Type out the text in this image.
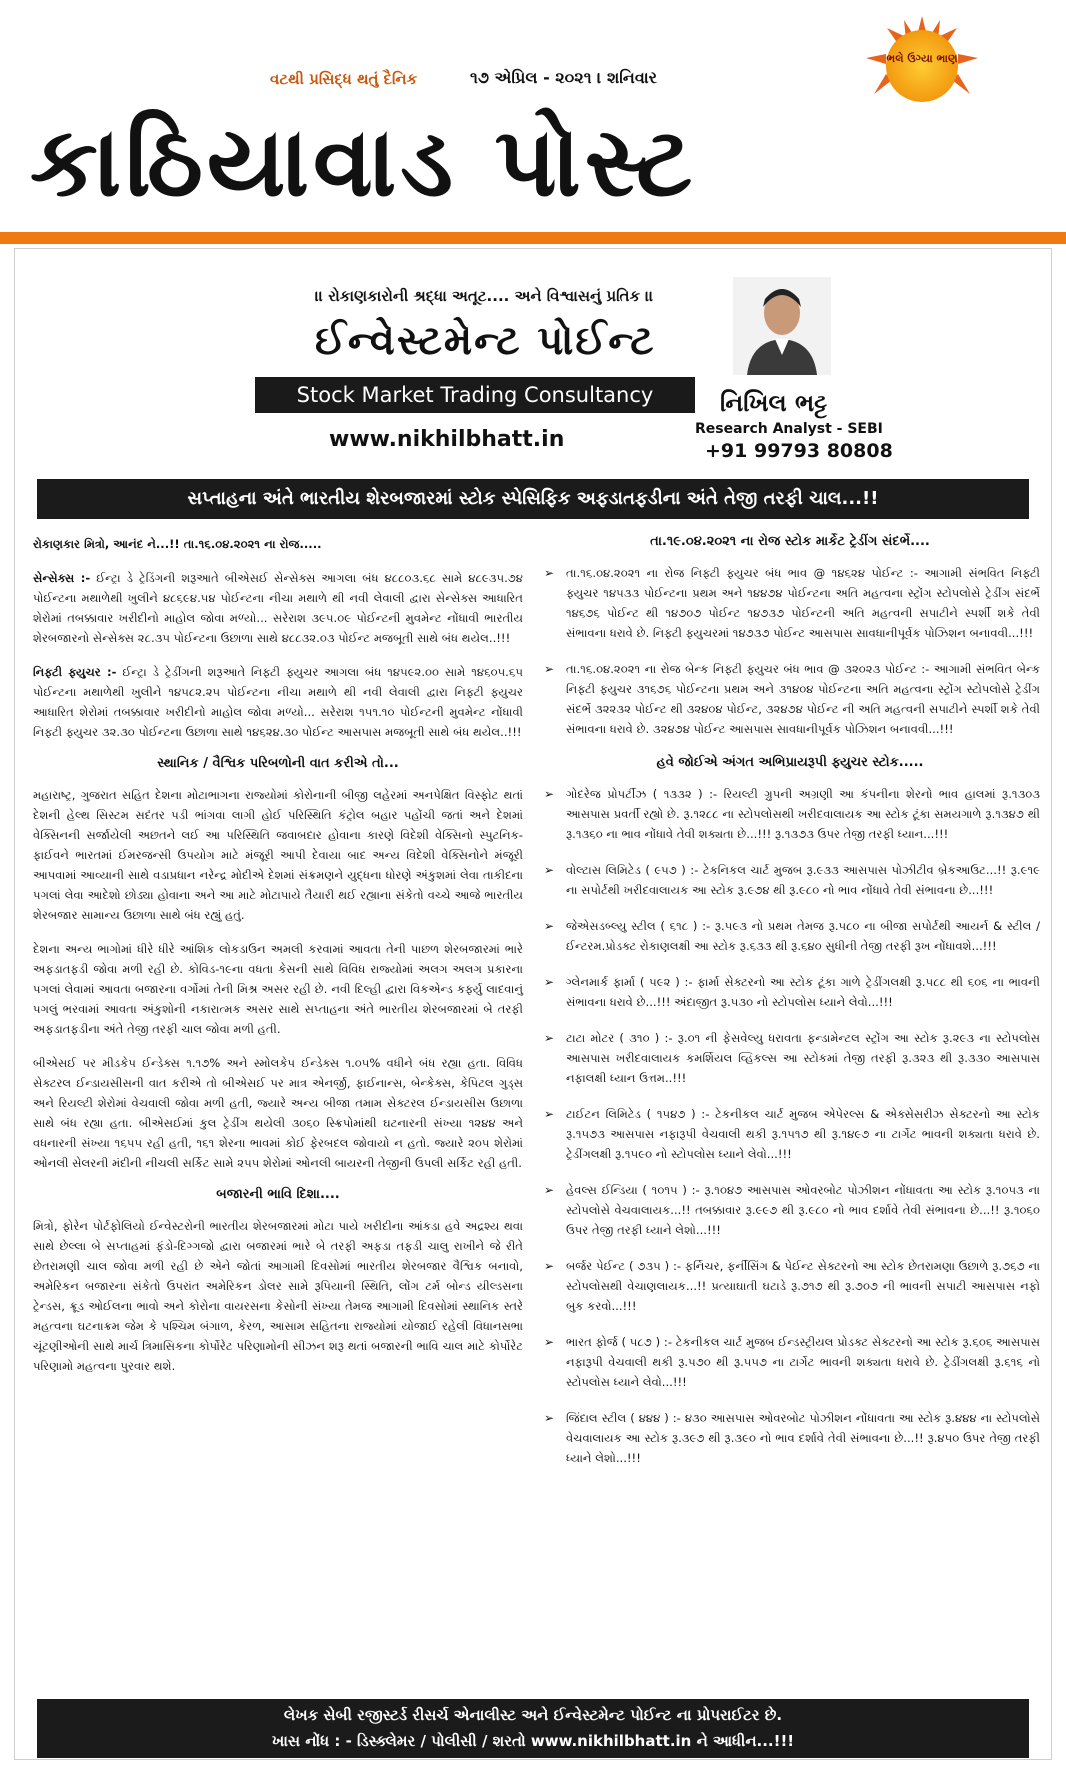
વટથી પ્રસિદ્ધ થતું દૈનિક	૧૭ એપ્રિલ - ૨૦૨૧ । શનિવાર
ભલે ઉગ્યા ભાણ
કાઠિયાવાડ પોસ્ટ
।। રોકાણકારોની શ્રદ્ધા અતૂટ.... અને વિશ્વાસનું પ્રતિક ।।
ઈન્વેસ્ટમેન્ટ પોઈન્ટ
Stock Market Trading Consultancy
www.nikhilbhatt.in
નિખિલ ભટ્ટ
Research Analyst - SEBI
+91 99793 80808
સપ્તાહના અંતે ભારતીય શેરબજારમાં સ્ટોક સ્પેસિફિક અફડાતફડીના અંતે તેજી તરફી ચાલ...!!

રોકાણકાર મિત્રો, આનંદ ને...!! તા.૧૬.૦૪.૨૦૨૧ ના રોજ.....

સેન્સેક્સ :- ઈન્ટ્રા ડે ટ્રેડિંગની શરૂઆતે બીએસઈ સેન્સેક્સ આગલા બંધ ૪૮૮૦૩.૬૮ સામે ૪૮૯૩૫.૭૪ પોઈન્ટના મથાળેથી ખુલીને ૪૮૬૯૪.૫૪ પોઈન્ટના નીચા મથાળે થી નવી લેવાલી દ્વારા સેન્સેક્સ આધારિત શેરોમાં તબક્કાવાર ખરીદીનો માહોલ જોવા મળ્યો... સરેરાશ ૩૯૫.૦૯ પોઈન્ટની મુવમેન્ટ નોંધાવી ભારતીય શેરબજારનો સેન્સેક્સ ૨૮.૩૫ પોઈન્ટના ઉછાળા સાથે ૪૮૮૩૨.૦૩ પોઈન્ટ મજબૂતી સાથે બંધ થયેલ..!!!

નિફ્ટી ફ્યુચર :- ઈન્ટ્રા ડે ટ્રેડીંગની શરૂઆતે નિફ્ટી ફ્યુચર આગલા બંધ ૧૪૫૯૨.૦૦ સામે ૧૪૬૦૫.૬૫ પોઈન્ટના મથાળેથી ખુલીને ૧૪૫૮૨.૨૫ પોઈન્ટના નીચા મથાળે થી નવી લેવાલી દ્વારા નિફ્ટી ફ્યુચર આધારિત શેરોમાં તબક્કાવાર ખરીદીનો માહોલ જોવા મળ્યો... સરેરાશ ૧૫૧.૧૦ પોઈન્ટની મુવમેન્ટ નોંધાવી નિફ્ટી ફ્યુચર ૩૨.૩૦ પોઈન્ટના ઉછાળા સાથે ૧૪૬૨૪.૩૦ પોઈન્ટ આસપાસ મજબૂતી સાથે બંધ થયેલ..!!!

સ્થાનિક / વૈશ્વિક પરિબળોની વાત કરીએ તો...

મહારાષ્ટ્ર, ગુજરાત સહિત દેશના મોટાભાગના રાજ્યોમાં કોરોનાની બીજી લહેરમાં અનપેક્ષિત વિસ્ફોટ થતાં દેશની હેલ્થ સિસ્ટમ સદંતર પડી ભાંગવા લાગી હોઈ પરિસ્થિતિ કંટ્રોલ બહાર પહોંચી જતાં અને દેશમાં વેક્સિનની સર્જાયેલી અછતને લઈ આ પરિસ્થિતિ જવાબદાર હોવાના કારણે વિદેશી વેક્સિનો સ્પુટનિક-ફાઈવને ભારતમાં ઈમરજન્સી ઉપયોગ માટે મંજૂરી આપી દેવાયા બાદ અન્ય વિદેશી વેક્સિનોને મંજૂરી આપવામાં આવ્યાની સાથે વડાપ્રધાન નરેન્દ્ર મોદીએ દેશમાં સંક્રમણને યુદ્ધના ધોરણે અંકુશમાં લેવા તાકીદના પગલાં લેવા આદેશો છોડ્યા હોવાના અને આ માટે મોટાપાયે તૈયારી થઈ રહ્યાના સંકેતો વચ્ચે આજે ભારતીય શેરબજાર સામાન્ય ઉછાળા સાથે બંધ રહ્યું હતું.

દેશના અન્ય ભાગોમાં ધીરે ધીરે આંશિક લોકડાઉન અમલી કરવામાં આવતા તેની પાછળ શેરબજારમાં ભારે અફડાતફડી જોવા મળી રહી છે. કોવિડ-૧૯ના વધતા કેસની સાથે વિવિધ રાજ્યોમાં અલગ અલગ પ્રકારના પગલાં લેવામાં આવતા બજારના વર્ગોમાં તેની મિશ્ર અસર રહી છે. નવી દિલ્હી દ્વારા વિકએન્ડ કર્ફ્યુ લાદવાનું પગલું ભરવામાં આવતા અંકુશોની નકારાત્મક અસર સાથે સપ્તાહના અંતે ભારતીય શેરબજારમાં બે તરફી અફડાતફડીના અંતે તેજી તરફી ચાલ જોવા મળી હતી.

બીએસઈ પર મીડકેપ ઈન્ડેક્સ ૧.૧૭% અને સ્મોલકેપ ઈન્ડેક્સ ૧.૦૫% વધીને બંધ રહ્યા હતા. વિવિધ સેક્ટરલ ઈન્ડાયસીસની વાત કરીએ તો બીએસઈ પર માત્ર એનર્જી, ફાઈનાન્સ, બેન્કેક્સ, કેપિટલ ગુડ્સ અને રિયલ્ટી શેરોમાં વેચવાલી જોવા મળી હતી, જ્યારે અન્ય બીજા તમામ સેક્ટરલ ઈન્ડાયસીસ ઉછાળા સાથે બંધ રહ્યા હતા. બીએસઈમાં કુલ ટ્રેડીંગ થયેલી ૩૦૬૦ સ્ક્રિપોમાંથી ઘટનારની સંખ્યા ૧૨૪૪ અને વધનારની સંખ્યા ૧૬૫૫ રહી હતી, ૧૬૧ શેરના ભાવમાં કોઈ ફેરબદલ જોવાયો ન હતો. જ્યારે ૨૦૫ શેરોમાં ઓનલી સેલરની મંદીની નીચલી સર્કિટ સામે ૨૫૫ શેરોમાં ઓનલી બાયરની તેજીની ઉપલી સર્કિટ રહી હતી.

બજારની ભાવિ દિશા....

મિત્રો, ફોરેન પોર્ટફોલિયો ઈન્વેસ્ટરોની ભારતીય શેરબજારમાં મોટા પાયે ખરીદીના આંકડા હવે અદ્રશ્ય થવા સાથે છેલ્લા બે સપ્તાહમાં ફંડો-દિગ્ગજો દ્વારા બજારમાં ભારે બે તરફી અફડા તફડી ચાલુ રાખીને જે રીતે છેતરામણી ચાલ જોવા મળી રહી છે એને જોતાં આગામી દિવસોમાં ભારતીય શેરબજાર વૈશ્વિક બનાવો, અમેરિકન બજારના સંકેતો ઉપરાંત અમેરિકન ડોલર સામે રૂપિયાની સ્થિતિ, લોંગ ટર્મ બોન્ડ યીલ્ડસના ટ્રેન્ડસ, ક્રૂડ ઓઈલના ભાવો અને કોરોના વાયરસના કેસોની સંખ્યા તેમજ આગામી દિવસોમાં સ્થાનિક સ્તરે મહત્વના ઘટનાક્રમ જેમ કે પશ્ચિમ બંગાળ, કેરળ, આસામ સહિતના રાજ્યોમાં યોજાઈ રહેલી વિધાનસભા ચૂંટણીઓની સાથે માર્ચ ત્રિમાસિકના કોર્પોરેટ પરિણામોની સીઝન શરૂ થતાં બજારની ભાવિ ચાલ માટે કોર્પોરેટ પરિણામો મહત્વના પુરવાર થશે.

તા.૧૯.૦૪.૨૦૨૧ ના રોજ સ્ટોક માર્કેટ ટ્રેડીંગ સંદર્ભે....
➢ તા.૧૬.૦૪.૨૦૨૧ ના રોજ નિફ્ટી ફ્યુચર બંધ ભાવ @ ૧૪૬૨૪ પોઈન્ટ :- આગામી સંભવિત નિફ્ટી ફ્યુચર ૧૪૫૩૩ પોઈન્ટના પ્રથમ અને ૧૪૪૭૪ પોઈન્ટના અતિ મહત્વના સ્ટ્રોંગ સ્ટોપલોસે ટ્રેડીંગ સંદર્ભે ૧૪૬૭૬ પોઈન્ટ થી ૧૪૭૦૭ પોઈન્ટ ૧૪૭૩૭ પોઈન્ટની અતિ મહત્વની સપાટીને સ્પર્શી શકે તેવી સંભાવના ધરાવે છે. નિફ્ટી ફ્યુચરમાં ૧૪૭૩૭ પોઈન્ટ આસપાસ સાવધાનીપૂર્વક પોઝિશન બનાવવી...!!!
➢ તા.૧૬.૦૪.૨૦૨૧ ના રોજ બેન્ક નિફ્ટી ફ્યુચર બંધ ભાવ @ ૩૨૦૨૩ પોઈન્ટ :- આગામી સંભવિત બેન્ક નિફ્ટી ફ્યુચર ૩૧૬૭૬ પોઈન્ટના પ્રથમ અને ૩૧૪૦૪ પોઈન્ટના અતિ મહત્વના સ્ટ્રોંગ સ્ટોપલોસે ટ્રેડીંગ સંદર્ભે ૩૨૨૩૨ પોઈન્ટ થી ૩૨૪૦૪ પોઈન્ટ, ૩૨૪૭૪ પોઈન્ટ ની અતિ મહત્વની સપાટીને સ્પર્શી શકે તેવી સંભાવના ધરાવે છે. ૩૨૪૭૪ પોઈન્ટ આસપાસ સાવધાનીપૂર્વક પોઝિશન બનાવવી...!!!
હવે જોઈએ અંગત અભિપ્રાયરૂપી ફ્યુચર સ્ટોક.....
➢ ગોદરેજ પ્રોપર્ટીઝ ( ૧૩૩૨ ) :- રિયલ્ટી ગ્રુપની અગ્રણી આ કંપનીના શેરનો ભાવ હાલમાં રૂ.૧૩૦૩ આસપાસ પ્રવર્તી રહ્યો છે. રૂ.૧૨૮૮ ના સ્ટોપલોસથી ખરીદવાલાયક આ સ્ટોક ટૂંકા સમયગાળે રૂ.૧૩૪૭ થી રૂ.૧૩૬૦ ના ભાવ નોંધાવે તેવી શક્યતા છે...!!! રૂ.૧૩૭૩ ઉપર તેજી તરફી ધ્યાન...!!!
➢ વોલ્ટાસ લિમિટેડ ( ૯૫૭ ) :- ટેકનિકલ ચાર્ટ મુજબ રૂ.૯૩૩ આસપાસ પોઝીટીવ બ્રેકઆઉટ...!! રૂ.૯૧૯ ના સપોર્ટથી ખરીદવાલાયક આ સ્ટોક રૂ.૯૭૪ થી રૂ.૯૮૦ નો ભાવ નોંધાવે તેવી સંભાવના છે...!!!
➢ જેએસડબ્લ્યુ સ્ટીલ ( ૬૧૮ ) :- રૂ.૫૯૩ નો પ્રથમ તેમજ રૂ.૫૮૦ ના બીજા સપોર્ટથી આયર્ન & સ્ટીલ / ઈન્ટરમ.પ્રોડક્ટ રોકાણલક્ષી આ સ્ટોક રૂ.૬૩૩ થી રૂ.૬૪૦ સુધીની તેજી તરફી રૂખ નોંધાવશે...!!!
➢ ગ્લેનમાર્ક ફાર્મા ( ૫૯૨ ) :- ફાર્મા સેક્ટરનો આ સ્ટોક ટૂંકા ગાળે ટ્રેડીંગલક્ષી રૂ.૫૮૮ થી ૬૦૬ ના ભાવની સંભાવના ધરાવે છે...!!! અંદાજીત રૂ.૫૩૦ નો સ્ટોપલોસ ધ્યાને લેવો...!!!
➢ ટાટા મોટર ( ૩૧૦ ) :- રૂ.૦૧ ની ફેસવેલ્યુ ધરાવતા ફન્ડામેન્ટલ સ્ટ્રોંગ આ સ્ટોક રૂ.૨૯૩ ના સ્ટોપલોસ આસપાસ ખરીદવાલાયક કમર્શિયલ વ્હિકલ્સ આ સ્ટોકમાં તેજી તરફી રૂ.૩૨૩ થી રૂ.૩૩૦ આસપાસ નફાલક્ષી ધ્યાન ઉત્તમ..!!!
➢ ટાઈટન લિમિટેડ ( ૧૫૪૭ ) :- ટેકનીકલ ચાર્ટ મુજબ એપેરલ્સ & એક્સેસરીઝ સેક્ટરનો આ સ્ટોક રૂ.૧૫૭૩ આસપાસ નફારૂપી વેચવાલી થકી રૂ.૧૫૧૭ થી રૂ.૧૪૯૭ ના ટાર્ગેટ ભાવની શક્યતા ધરાવે છે. ટ્રેડીંગલક્ષી રૂ.૧૫૯૦ નો સ્ટોપલોસ ધ્યાને લેવો...!!!
➢ હેવલ્સ ઈન્ડિયા ( ૧૦૧૫ ) :- રૂ.૧૦૪૭ આસપાસ ઓવરબોટ પોઝીશન નોંધાવતા આ સ્ટોક રૂ.૧૦૫૩ ના સ્ટોપલોસે વેચવાલાયક...!! તબક્કાવાર રૂ.૯૯૭ થી રૂ.૯૮૦ નો ભાવ દર્શાવે તેવી સંભાવના છે...!! રૂ.૧૦૬૦ ઉપર તેજી તરફી ધ્યાને લેશો...!!!
➢ બર્જર પેઈન્ટ ( ૭૩૫ ) :- ફર્નિચર, ફર્નીસિંગ & પેઈન્ટ સેક્ટરનો આ સ્ટોક છેતરામણા ઉછાળે રૂ.૭૬૭ ના સ્ટોપલોસથી વેચાણલાયક...!! પ્રત્યાઘાતી ઘટાડે રૂ.૭૧૭ થી રૂ.૭૦૭ ની ભાવની સપાટી આસપાસ નફો બુક કરવો...!!!
➢ ભારત ફોર્જ ( ૫૮૭ ) :- ટેકનીકલ ચાર્ટ મુજબ ઈન્ડસ્ટ્રીયલ પ્રોડક્ટ સેક્ટરનો આ સ્ટોક રૂ.૬૦૬ આસપાસ નફારૂપી વેચવાલી થકી રૂ.૫૭૦ થી રૂ.૫૫૭ ના ટાર્ગેટ ભાવની શક્યતા ધરાવે છે. ટ્રેડીંગલક્ષી રૂ.૬૧૬ નો સ્ટોપલોસ ધ્યાને લેવો...!!!
➢ જિંદાલ સ્ટીલ ( ૪૪૪ ) :- ૪૩૦ આસપાસ ઓવરબોટ પોઝીશન નોંધાવતા આ સ્ટોક રૂ.૪૪૪ ના સ્ટોપલોસે વેચવાલાયક આ સ્ટોક રૂ.૩૯૭ થી રૂ.૩૯૦ નો ભાવ દર્શાવે તેવી સંભાવના છે...!! રૂ.૪૫૦ ઉપર તેજી તરફી ધ્યાને લેશો...!!!
લેખક સેબી રજીસ્ટર્ડ રીસર્ચ એનાલીસ્ટ અને ઈન્વેસ્ટમેન્ટ પોઈન્ટ ના પ્રોપરાઈટર છે.
ખાસ નોંધ : - ડિસ્ક્લેમર / પોલીસી / શરતો www.nikhilbhatt.in ને આધીન...!!!
